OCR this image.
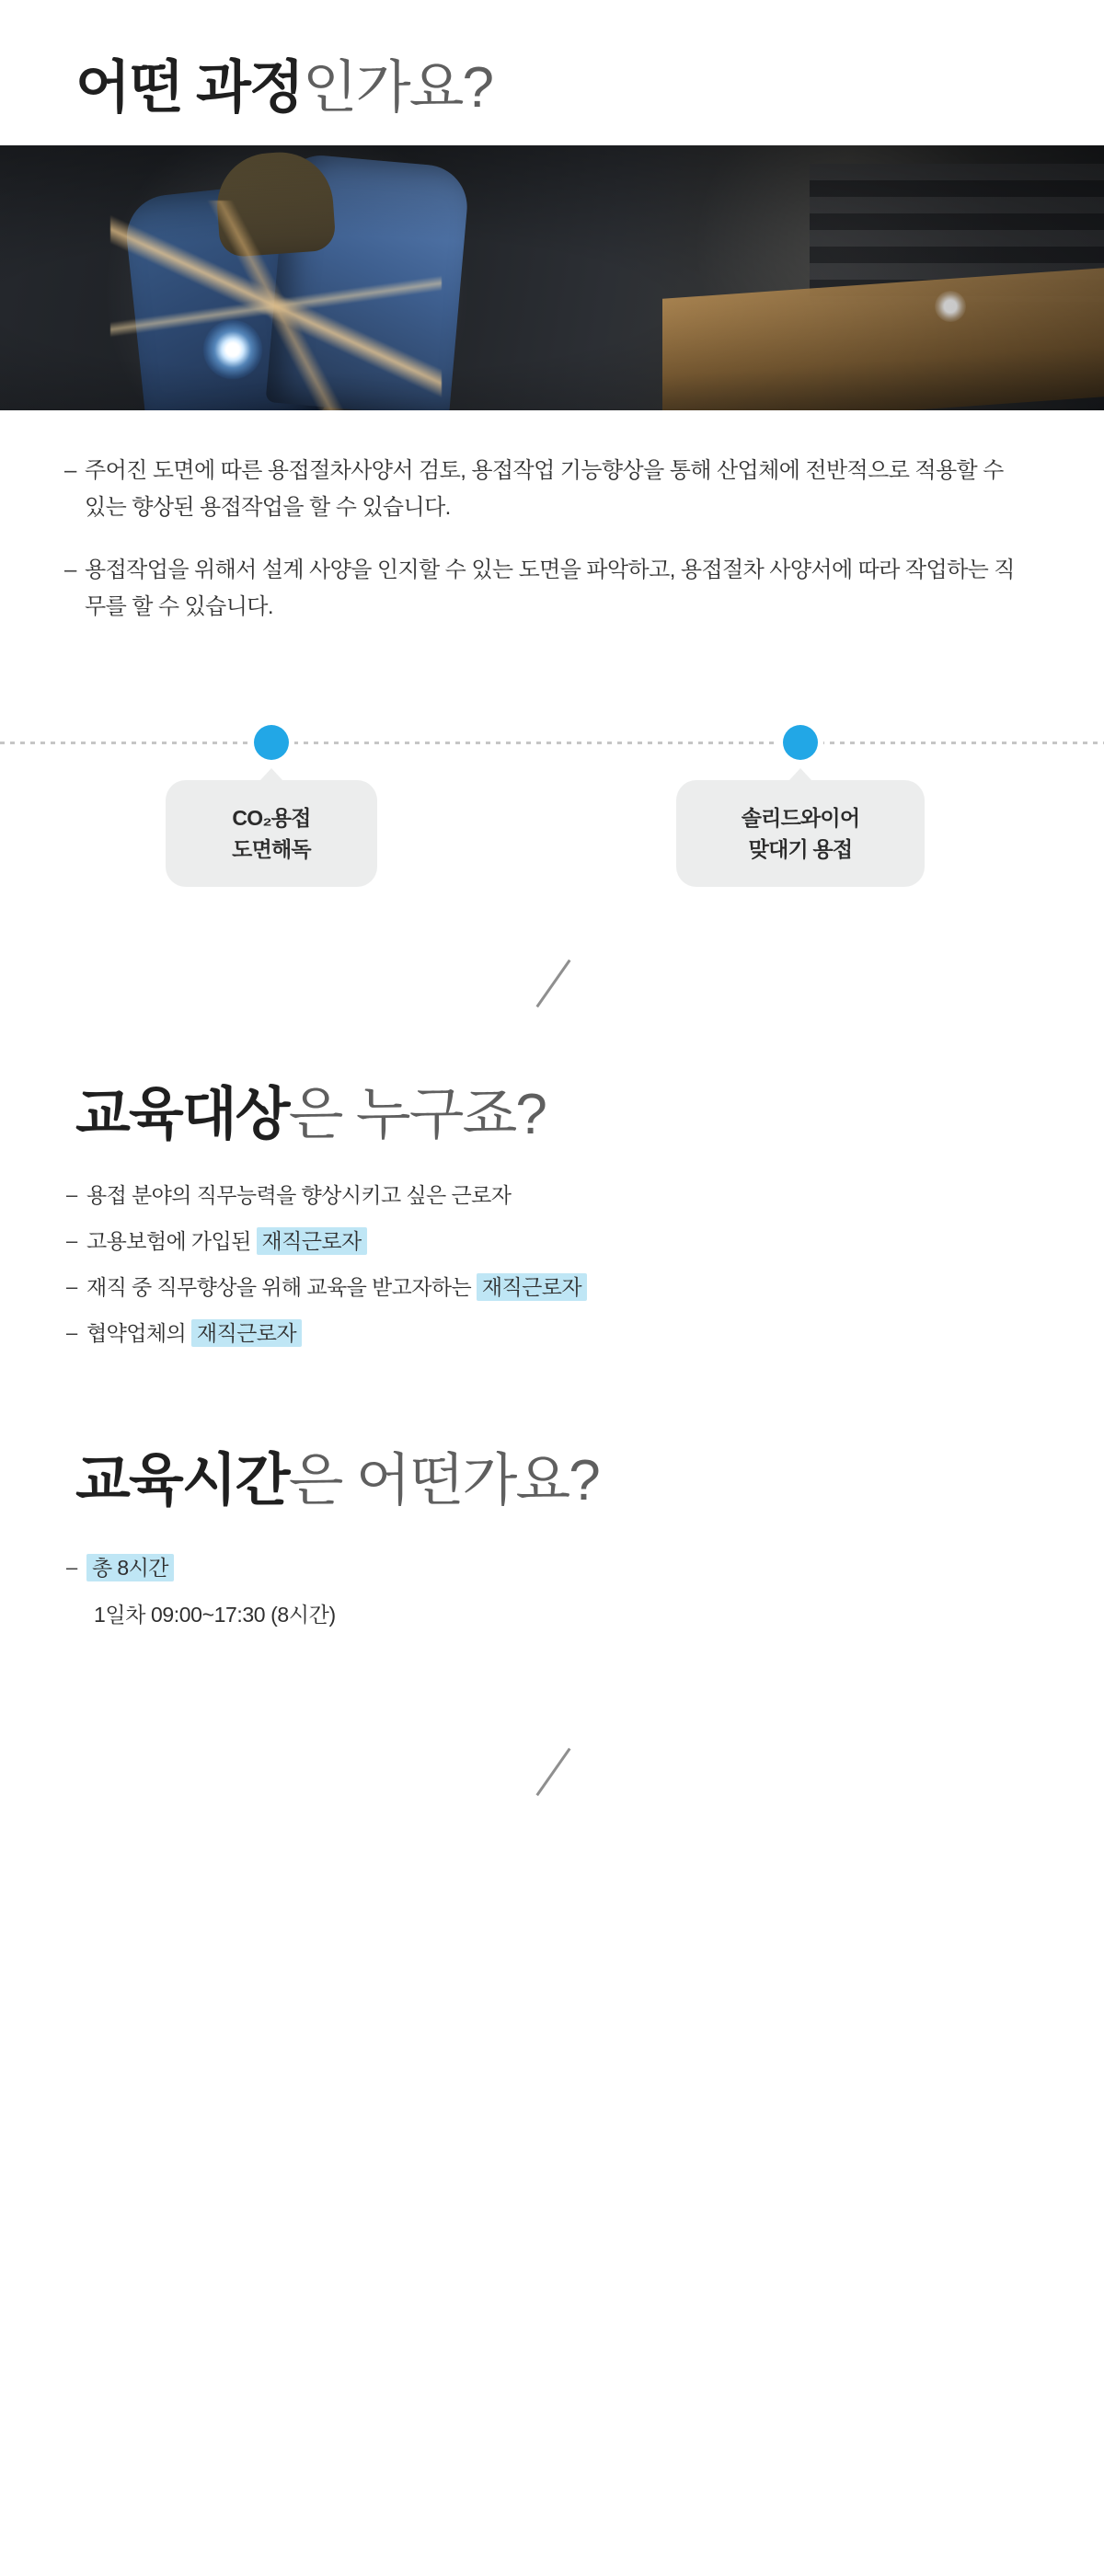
어떤 과정인가요?
– 주어진 도면에 따른 용접절차사양서 검토, 용접작업 기능향상을 통해 산업체에 전반적으로 적용할 수 있는 향상된 용접작업을 할 수 있습니다.
– 용접작업을 위해서 설계 사양을 인지할 수 있는 도면을 파악하고, 용접절차 사양서에 따라 작업하는 직무를 할 수 있습니다.
CO₂용접
도면해독
솔리드와이어
맞대기 용접
교육대상은 누구죠?
– 용접 분야의 직무능력을 향상시키고 싶은 근로자
– 고용보험에 가입된 재직근로자
– 재직 중 직무향상을 위해 교육을 받고자하는 재직근로자
– 협약업체의 재직근로자
교육시간은 어떤가요?
– 총 8시간
1일차 09:00~17:30 (8시간)
